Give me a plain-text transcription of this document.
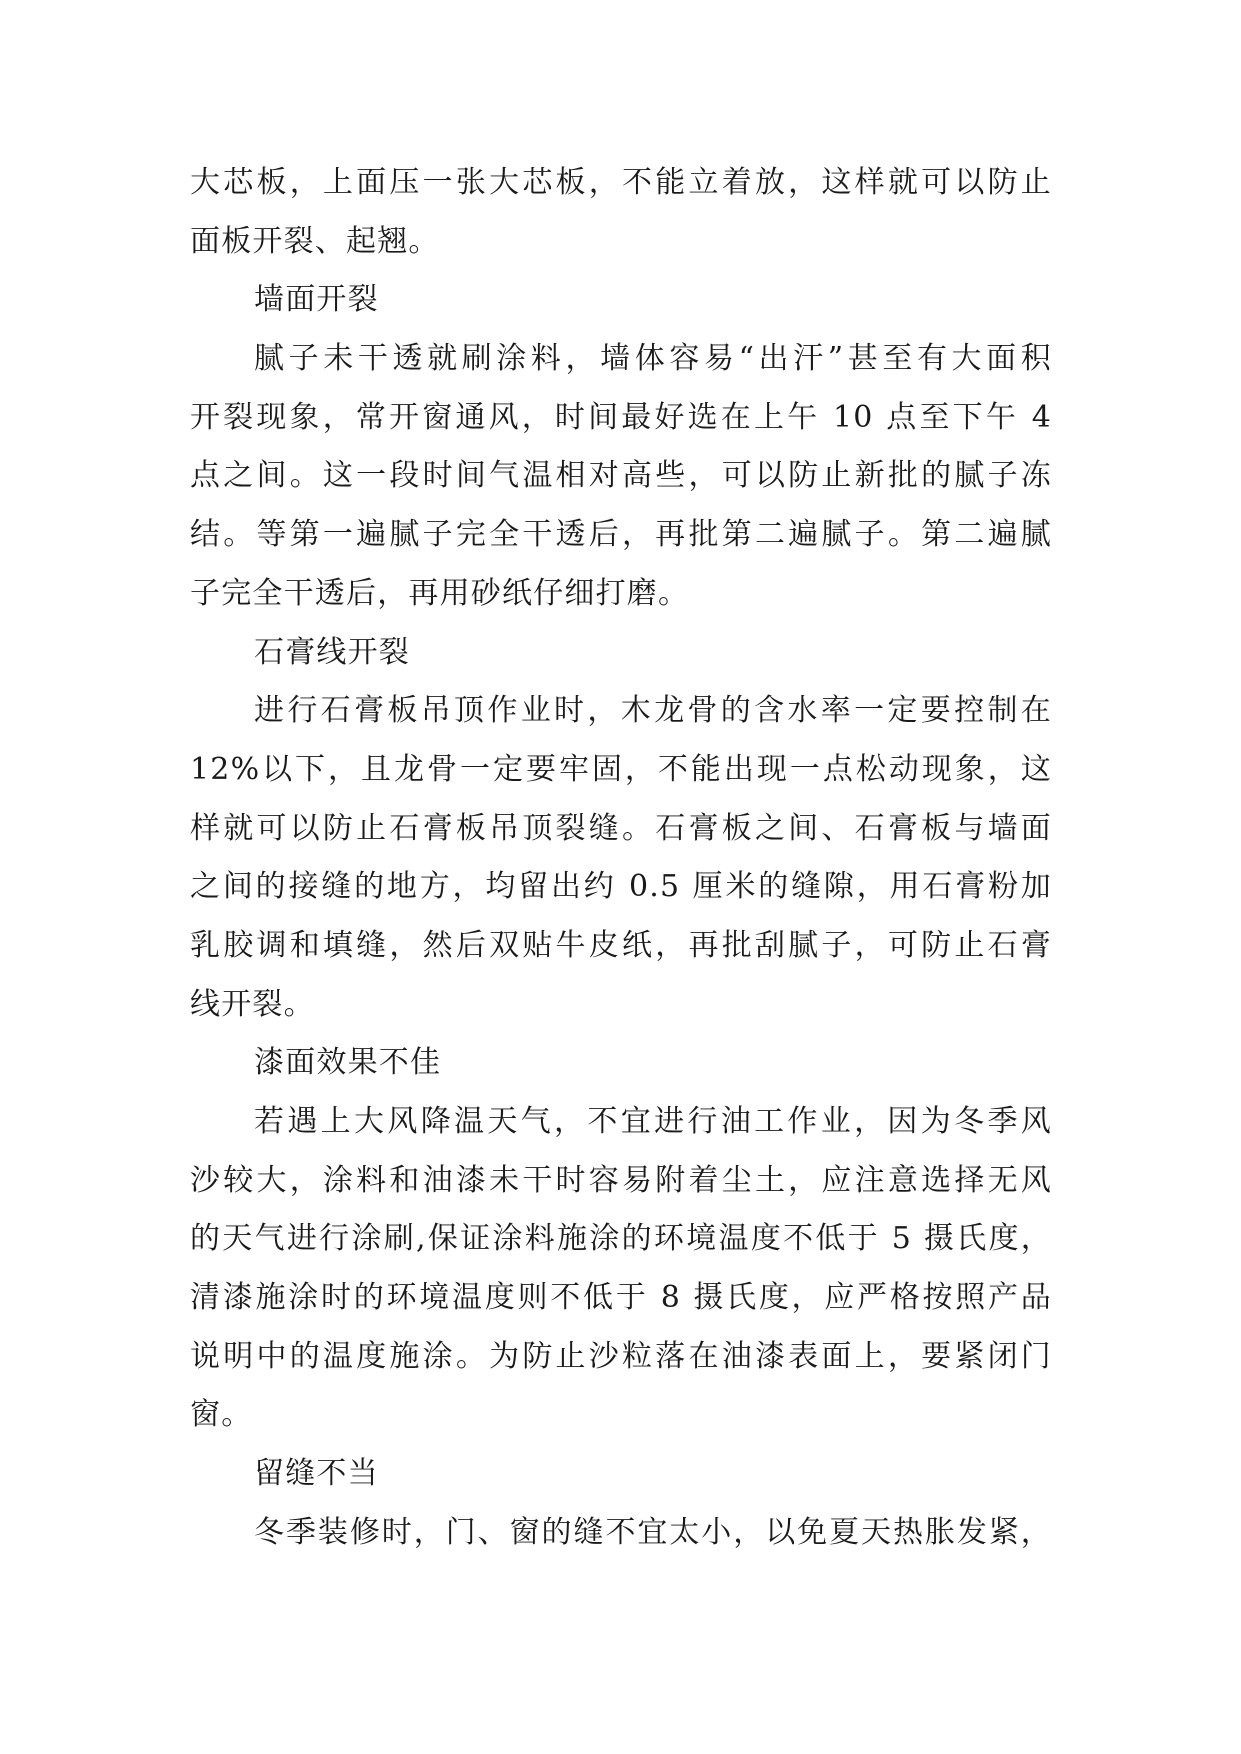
大芯板，上面压一张大芯板，不能立着放，这样就可以防止
面板开裂、起翘。
墙面开裂
腻子未干透就刷涂料，墙体容易“出汗”甚至有大面积
开裂现象，常开窗通风，时间最好选在上午 10 点至下午 4
点之间。这一段时间气温相对高些，可以防止新批的腻子冻
结。等第一遍腻子完全干透后，再批第二遍腻子。第二遍腻
子完全干透后，再用砂纸仔细打磨。
石膏线开裂
进行石膏板吊顶作业时，木龙骨的含水率一定要控制在
12%以下，且龙骨一定要牢固，不能出现一点松动现象，这
样就可以防止石膏板吊顶裂缝。石膏板之间、石膏板与墙面
之间的接缝的地方，均留出约 0.5 厘米的缝隙，用石膏粉加
乳胶调和填缝，然后双贴牛皮纸，再批刮腻子，可防止石膏
线开裂。
漆面效果不佳
若遇上大风降温天气，不宜进行油工作业，因为冬季风
沙较大，涂料和油漆未干时容易附着尘土，应注意选择无风
的天气进行涂刷,保证涂料施涂的环境温度不低于 5 摄氏度，
清漆施涂时的环境温度则不低于 8 摄氏度，应严格按照产品
说明中的温度施涂。为防止沙粒落在油漆表面上，要紧闭门
窗。
留缝不当
冬季装修时，门、窗的缝不宜太小，以免夏天热胀发紧，
